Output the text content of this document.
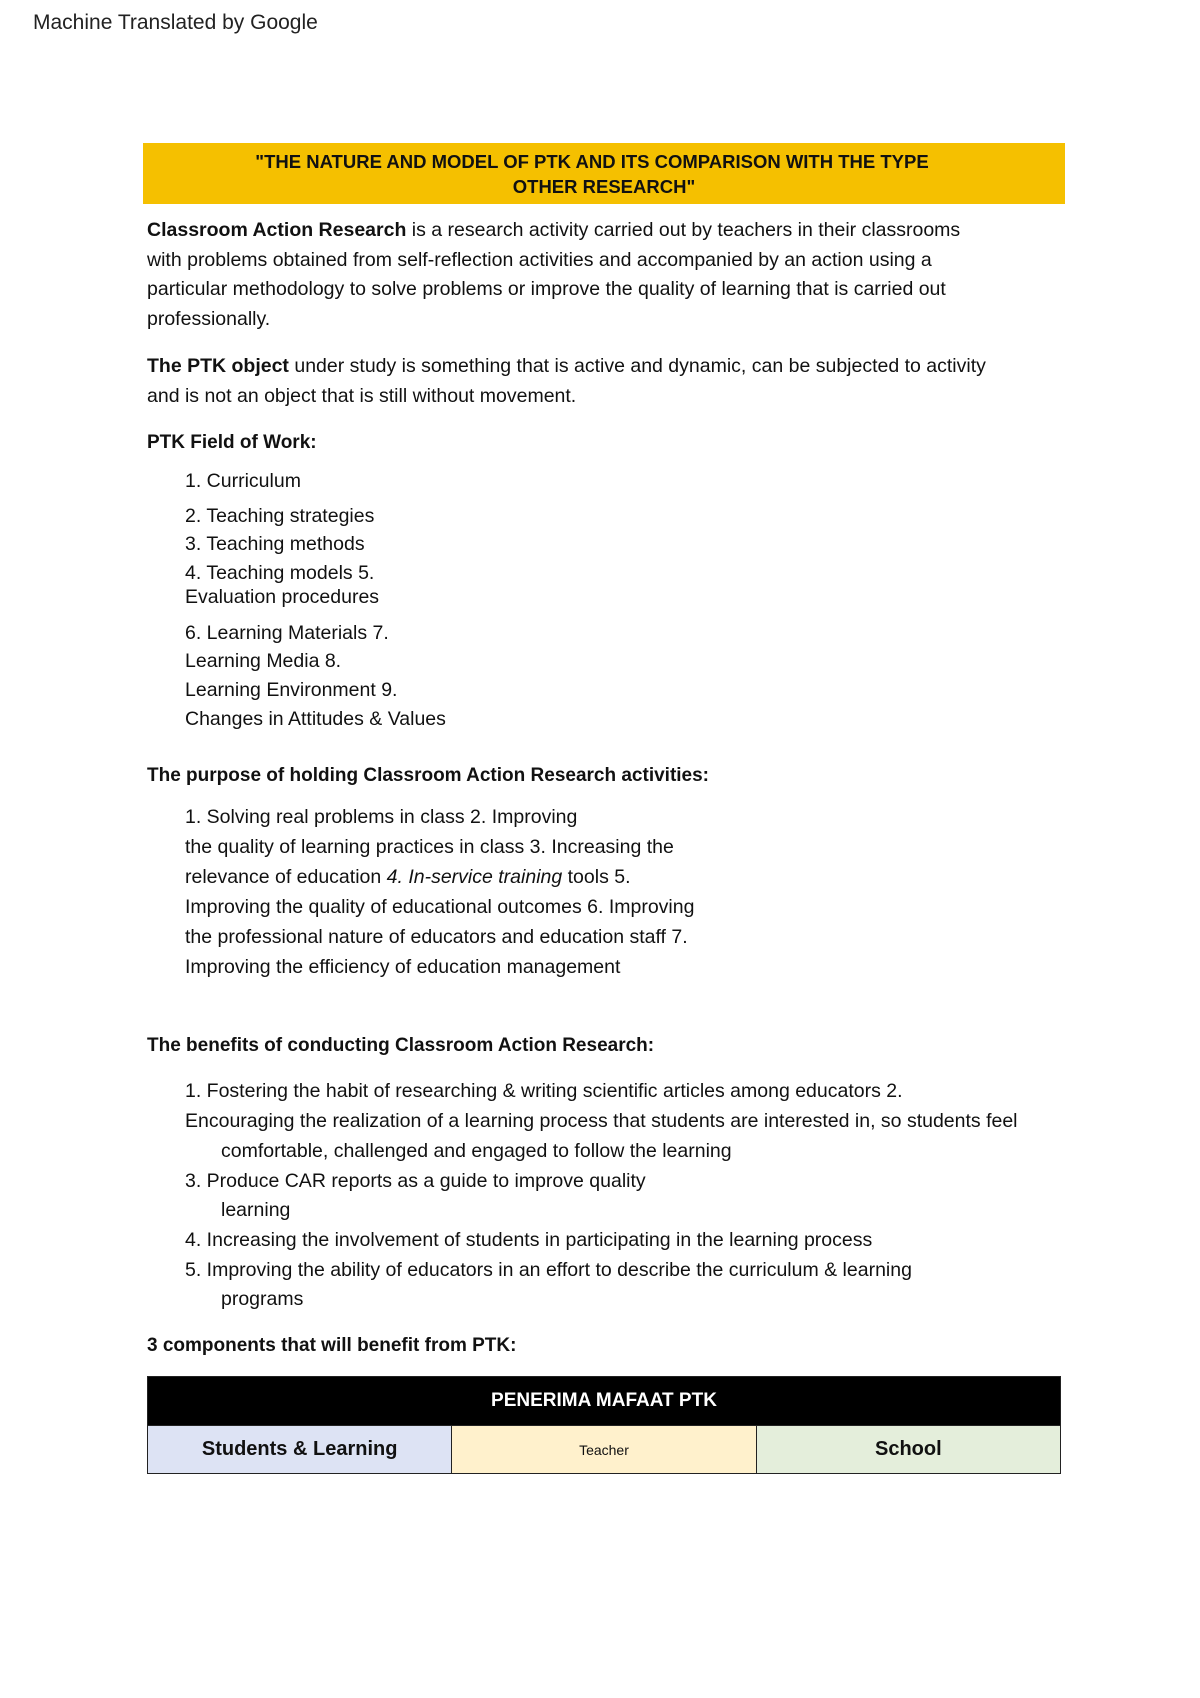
Machine Translated by Google
"THE NATURE AND MODEL OF PTK AND ITS COMPARISON WITH THE TYPE
OTHER RESEARCH"
Classroom Action Research is a research activity carried out by teachers in their classrooms
with problems obtained from self-reflection activities and accompanied by an action using a
particular methodology to solve problems or improve the quality of learning that is carried out
professionally.
The PTK object under study is something that is active and dynamic, can be subjected to activity
and is not an object that is still without movement.
PTK Field of Work:
1. Curriculum
2. Teaching strategies
3. Teaching methods
4. Teaching models 5.
Evaluation procedures
6. Learning Materials 7.
Learning Media 8.
Learning Environment 9.
Changes in Attitudes & Values
The purpose of holding Classroom Action Research activities:
1. Solving real problems in class 2. Improving
the quality of learning practices in class 3. Increasing the
relevance of education 4. In-service training tools 5.
Improving the quality of educational outcomes 6. Improving
the professional nature of educators and education staff 7.
Improving the efficiency of education management
The benefits of conducting Classroom Action Research:
1. Fostering the habit of researching & writing scientific articles among educators 2.
Encouraging the realization of a learning process that students are interested in, so students feel
comfortable, challenged and engaged to follow the learning
3. Produce CAR reports as a guide to improve quality
learning
4. Increasing the involvement of students in participating in the learning process
5. Improving the ability of educators in an effort to describe the curriculum & learning
programs
3 components that will benefit from PTK:
PENERIMA MAFAAT PTK
Students & Learning	Teacher	School
